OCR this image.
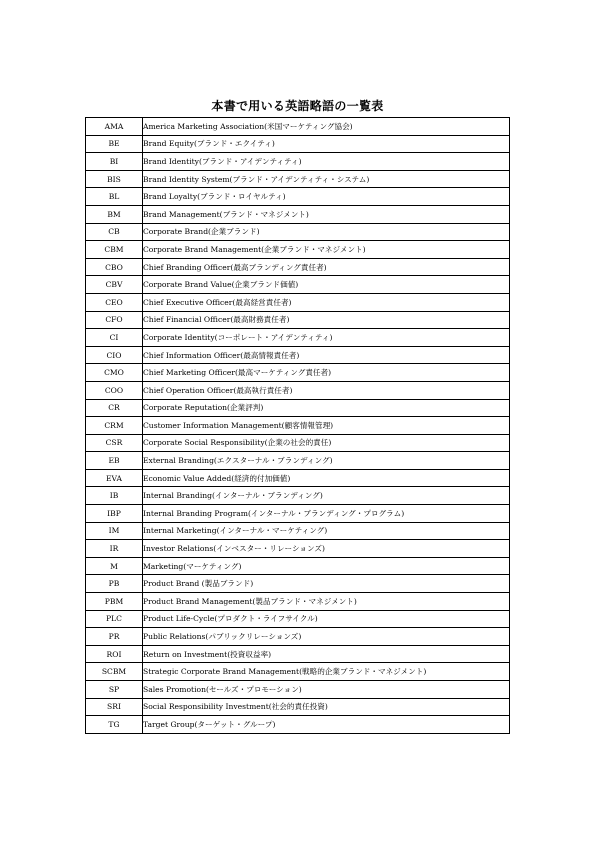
本書で用いる英語略語の一覧表
AMA	America Marketing Association(米国マーケティング協会)
BE	Brand Equity(ブランド・エクイティ)
BI	Brand Identity(ブランド・アイデンティティ)
BIS	Brand Identity System(ブランド・アイデンティティ・システム)
BL	Brand Loyalty(ブランド・ロイヤルティ)
BM	Brand Management(ブランド・マネジメント)
CB	Corporate Brand(企業ブランド)
CBM	Corporate Brand Management(企業ブランド・マネジメント)
CBO	Chief Branding Officer(最高ブランディング責任者)
CBV	Corporate Brand Value(企業ブランド価値)
CEO	Chief Executive Officer(最高経営責任者)
CFO	Chief Financial Officer(最高財務責任者)
CI	Corporate Identity(コーポレート・アイデンティティ)
CIO	Chief Information Officer(最高情報責任者)
CMO	Chief Marketing Officer(最高マーケティング責任者)
COO	Chief Operation Officer(最高執行責任者)
CR	Corporate Reputation(企業評判)
CRM	Customer Information Management(顧客情報管理)
CSR	Corporate Social Responsibility(企業の社会的責任)
EB	External Branding(エクスターナル・ブランディング)
EVA	Economic Value Added(経済的付加価値)
IB	Internal Branding(インターナル・ブランディング)
IBP	Internal Branding Program(インターナル・ブランディング・プログラム)
IM	Internal Marketing(インターナル・マーケティング)
IR	Investor Relations(インベスター・リレーションズ)
M	Marketing(マーケティング)
PB	Product Brand (製品ブランド)
PBM	Product Brand Management(製品ブランド・マネジメント)
PLC	Product Life-Cycle(プロダクト・ライフサイクル)
PR	Public Relations(パブリックリレーションズ)
ROI	Return on Investment(投資収益率)
SCBM	Strategic Corporate Brand Management(戦略的企業ブランド・マネジメント)
SP	Sales Promotion(セールズ・プロモーション)
SRI	Social Responsibility Investment(社会的責任投資)
TG	Target Group(ターゲット・グループ)
